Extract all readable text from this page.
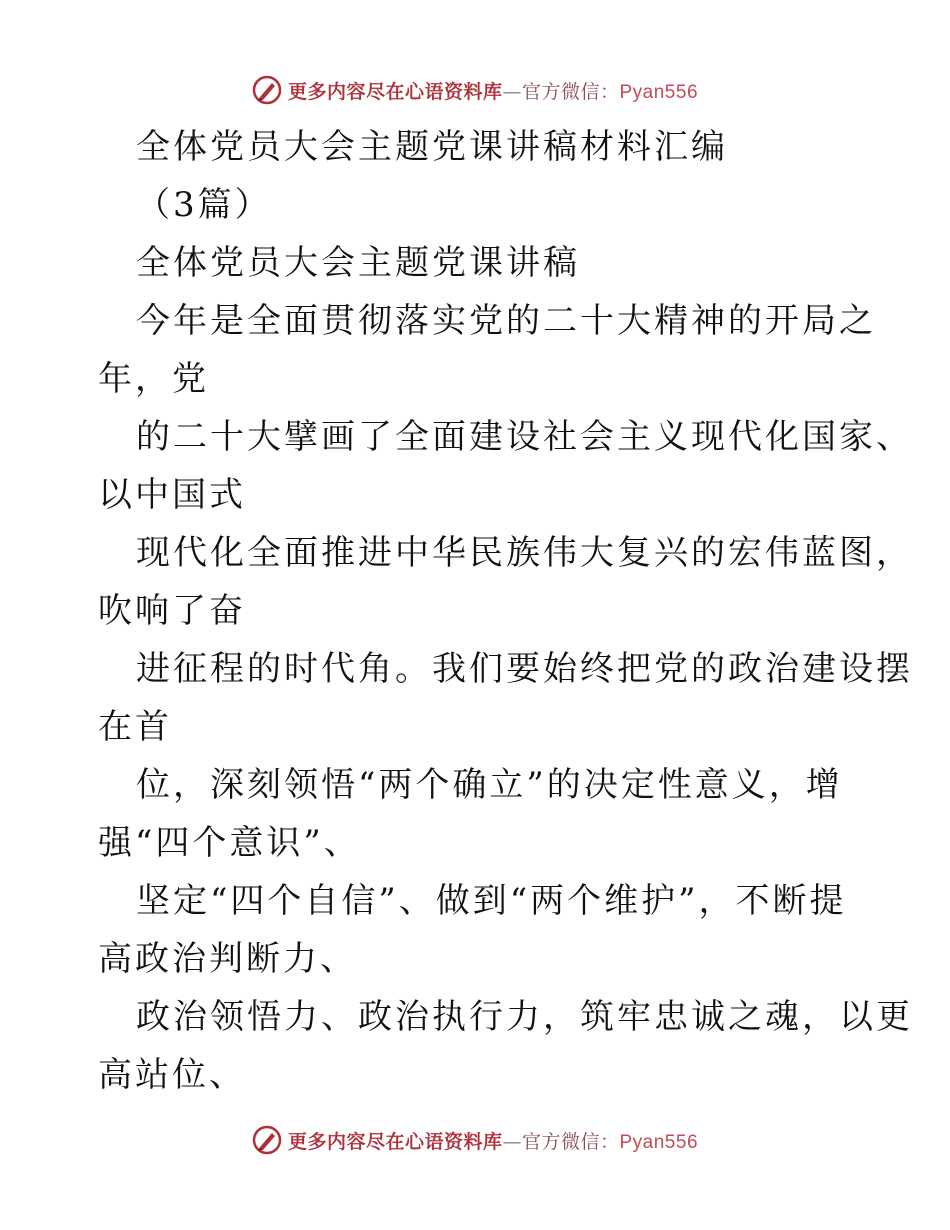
更多内容尽在心语资料库—官方微信：Pyan556
全体党员大会主题党课讲稿材料汇编
（3篇）
全体党员大会主题党课讲稿
今年是全面贯彻落实党的二十大精神的开局之
年，党
的二十大擘画了全面建设社会主义现代化国家、
以中国式
现代化全面推进中华民族伟大复兴的宏伟蓝图，
吹响了奋
进征程的时代角。我们要始终把党的政治建设摆
在首
位，深刻领悟“两个确立”的决定性意义，增
强“四个意识”、
坚定“四个自信”、做到“两个维护”，不断提
高政治判断力、
政治领悟力、政治执行力，筑牢忠诚之魂，以更
高站位、
更多内容尽在心语资料库—官方微信：Pyan556
